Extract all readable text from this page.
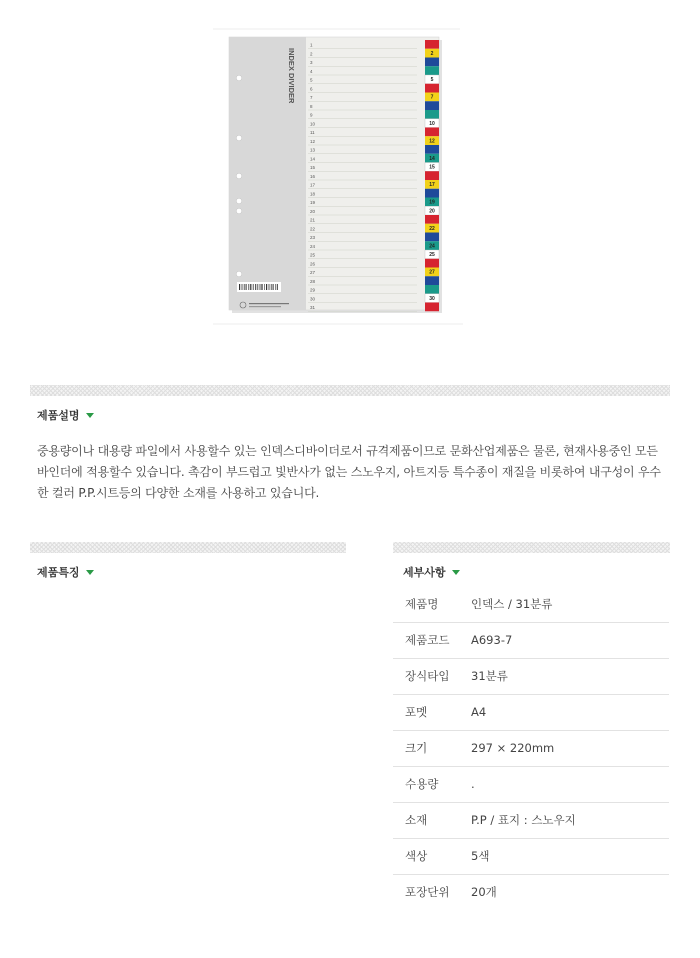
INDEX DIVIDER
1
2
3
4
5
6
7
8
9
10
11
12
13
14
15
16
17
18
19
20
21
22
23
24
25
26
27
28
29
30
31
2
5
7
10
12
14
15
17
19
20
22
24
25
27
30
제품설명

중용량이나 대용량 파일에서 사용할수 있는 인덱스디바이더로서 규격제품이므로 문화산업제품은 물론, 현재사용중인 모든 바인더에 적용할수 있습니다. 촉감이 부드럽고 빛반사가 없는 스노우지, 아트지등 특수종이 재질을 비롯하여 내구성이 우수한 컬러 P.P.시트등의 다양한 소재를 사용하고 있습니다.

제품특징	세부사항
제품명	인덱스 / 31분류
제품코드	A693-7
장식타입	31분류
포멧	A4
크기	297 × 220mm
수용량	.
소재	P.P / 표지 : 스노우지
색상	5색
포장단위	20개
